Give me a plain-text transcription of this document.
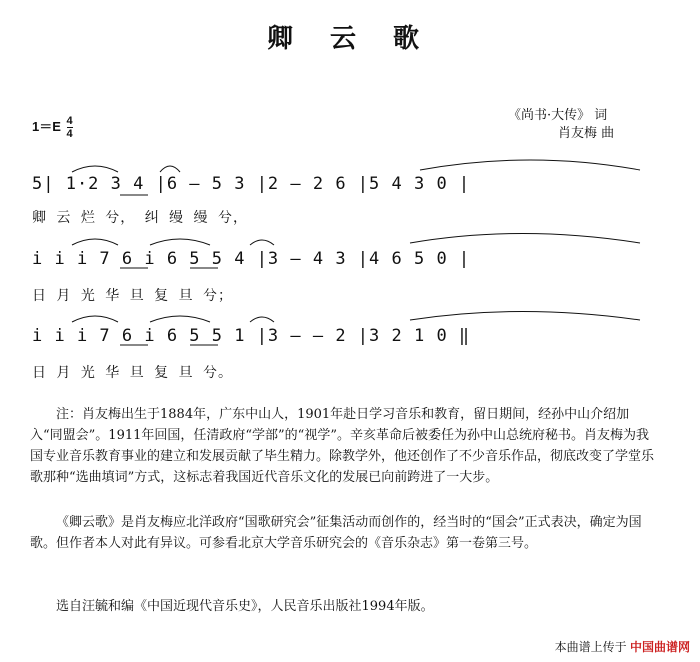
卿 云 歌
$1=E \frac{4}{4}$	《尚书·大传》 词
肖友梅 曲
5| 1·2 3 4 |6 — 5 3 |2 — 2 6 |5 4 3 0 |
卿 云 烂 兮， 纠 缦 缦 兮，
i i i 7 6 i 6 5 5 4 |3 — 4 3 |4 6 5 0 |
日 月 光 华 旦 复 旦 兮；
i i i 7 6 i 6 5 5 1 |3 — — 2 |3 2 1 0 ‖
日 月 光 华 旦 复 旦 兮。
注：肖友梅出生于1884年，广东中山人，1901年赴日学习音乐和教育，留日期间，经孙中山介绍加入“同盟会”。1911年回国，任清政府“学部”的“视学”。辛亥革命后被委任为孙中山总统府秘书。肖友梅为我国专业音乐教育事业的建立和发展贡献了毕生精力。除教学外，他还创作了不少音乐作品，彻底改变了学堂乐歌那种“选曲填词”方式，这标志着我国近代音乐文化的发展已向前跨进了一大步。
《卿云歌》是肖友梅应北洋政府“国歌研究会”征集活动而创作的，经当时的“国会”正式表决，确定为国歌。但作者本人对此有异议。可参看北京大学音乐研究会的《音乐杂志》第一卷第三号。
选自汪毓和编《中国近现代音乐史》，人民音乐出版社1994年版。
本曲谱上传于 中国曲谱网
